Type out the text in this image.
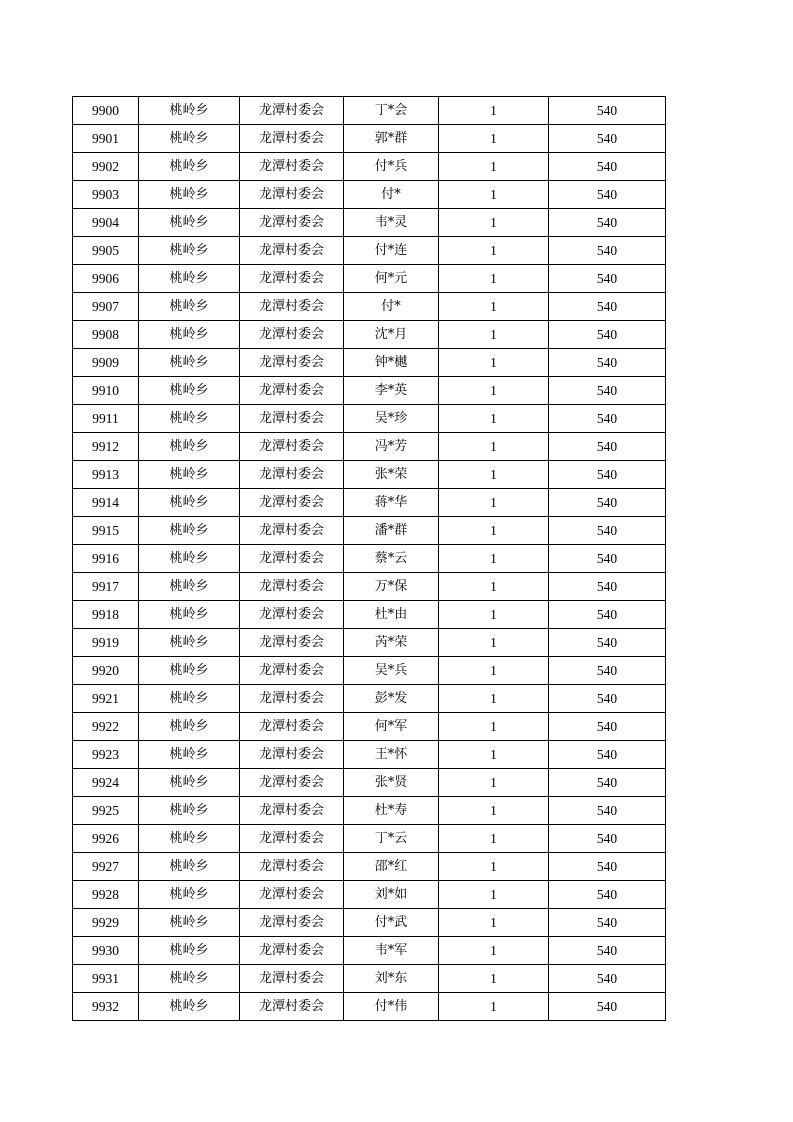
9900	桃岭乡	龙潭村委会	丁*会	1	540
9901	桃岭乡	龙潭村委会	郭*群	1	540
9902	桃岭乡	龙潭村委会	付*兵	1	540
9903	桃岭乡	龙潭村委会	付*	1	540
9904	桃岭乡	龙潭村委会	韦*灵	1	540
9905	桃岭乡	龙潭村委会	付*连	1	540
9906	桃岭乡	龙潭村委会	何*元	1	540
9907	桃岭乡	龙潭村委会	付*	1	540
9908	桃岭乡	龙潭村委会	沈*月	1	540
9909	桃岭乡	龙潭村委会	钟*樾	1	540
9910	桃岭乡	龙潭村委会	李*英	1	540
9911	桃岭乡	龙潭村委会	吴*珍	1	540
9912	桃岭乡	龙潭村委会	冯*芳	1	540
9913	桃岭乡	龙潭村委会	张*荣	1	540
9914	桃岭乡	龙潭村委会	蒋*华	1	540
9915	桃岭乡	龙潭村委会	潘*群	1	540
9916	桃岭乡	龙潭村委会	蔡*云	1	540
9917	桃岭乡	龙潭村委会	万*保	1	540
9918	桃岭乡	龙潭村委会	杜*由	1	540
9919	桃岭乡	龙潭村委会	芮*荣	1	540
9920	桃岭乡	龙潭村委会	吴*兵	1	540
9921	桃岭乡	龙潭村委会	彭*发	1	540
9922	桃岭乡	龙潭村委会	何*军	1	540
9923	桃岭乡	龙潭村委会	王*怀	1	540
9924	桃岭乡	龙潭村委会	张*贤	1	540
9925	桃岭乡	龙潭村委会	杜*寿	1	540
9926	桃岭乡	龙潭村委会	丁*云	1	540
9927	桃岭乡	龙潭村委会	邵*红	1	540
9928	桃岭乡	龙潭村委会	刘*如	1	540
9929	桃岭乡	龙潭村委会	付*武	1	540
9930	桃岭乡	龙潭村委会	韦*军	1	540
9931	桃岭乡	龙潭村委会	刘*东	1	540
9932	桃岭乡	龙潭村委会	付*伟	1	540
